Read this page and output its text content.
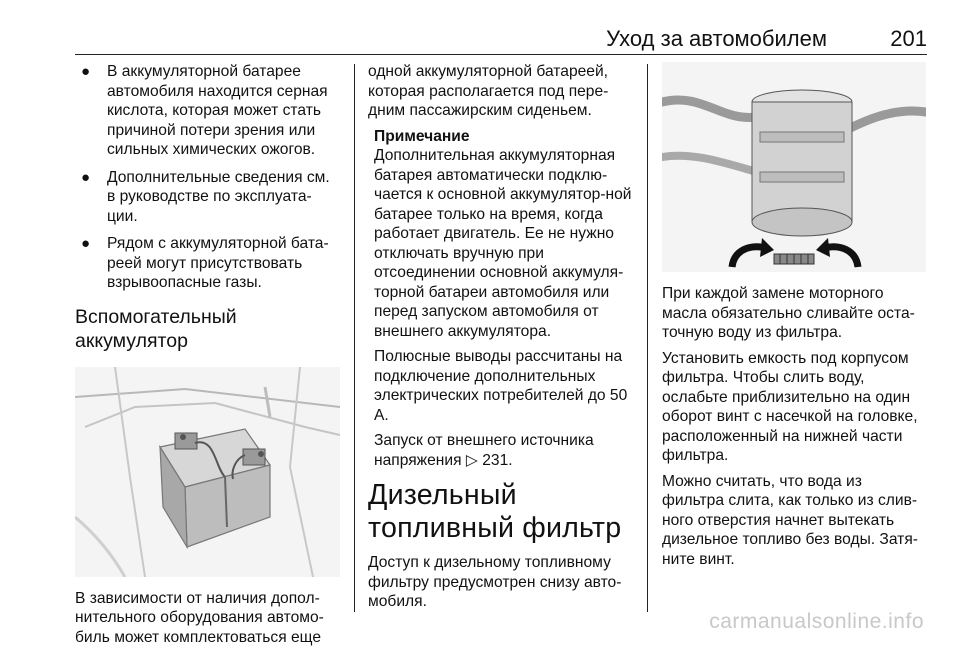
Уход за автомобилем	201
● В аккумуляторной батарее автомобиля находится серная кислота, которая может стать причиной потери зрения или сильных химических ожогов.
● Дополнительные сведения см. в руководстве по эксплуата-ции.
● Рядом с аккумуляторной бата-реей могут присутствовать взрывоопасные газы.
Вспомогательный аккумулятор

В зависимости от наличия допол-нительного оборудования автомо-биль может комплектоваться еще

одной аккумуляторной батареей, которая располагается под пере-дним пассажирским сиденьем.

Примечание

Дополнительная аккумуляторная батарея автоматически подклю-чается к основной аккумулятор-ной батарее только на время, когда работает двигатель. Ее не нужно отключать вручную при отсоединении основной аккумуля-торной батареи автомобиля или перед запуском автомобиля от внешнего аккумулятора.

Полюсные выводы рассчитаны на подключение дополнительных электрических потребителей до 50 A.

Запуск от внешнего источника напряжения ▷ 231.

Дизельный топливный фильтр

Доступ к дизельному топливному фильтру предусмотрен снизу авто-мобиля.

При каждой замене моторного масла обязательно сливайте оста-точную воду из фильтра.

Установить емкость под корпусом фильтра. Чтобы слить воду, ослабьте приблизительно на один оборот винт с насечкой на головке, расположенный на нижней части фильтра.

Можно считать, что вода из фильтра слита, как только из слив-ного отверстия начнет вытекать дизельное топливо без воды. Затя-ните винт.

carmanualsonline.info
